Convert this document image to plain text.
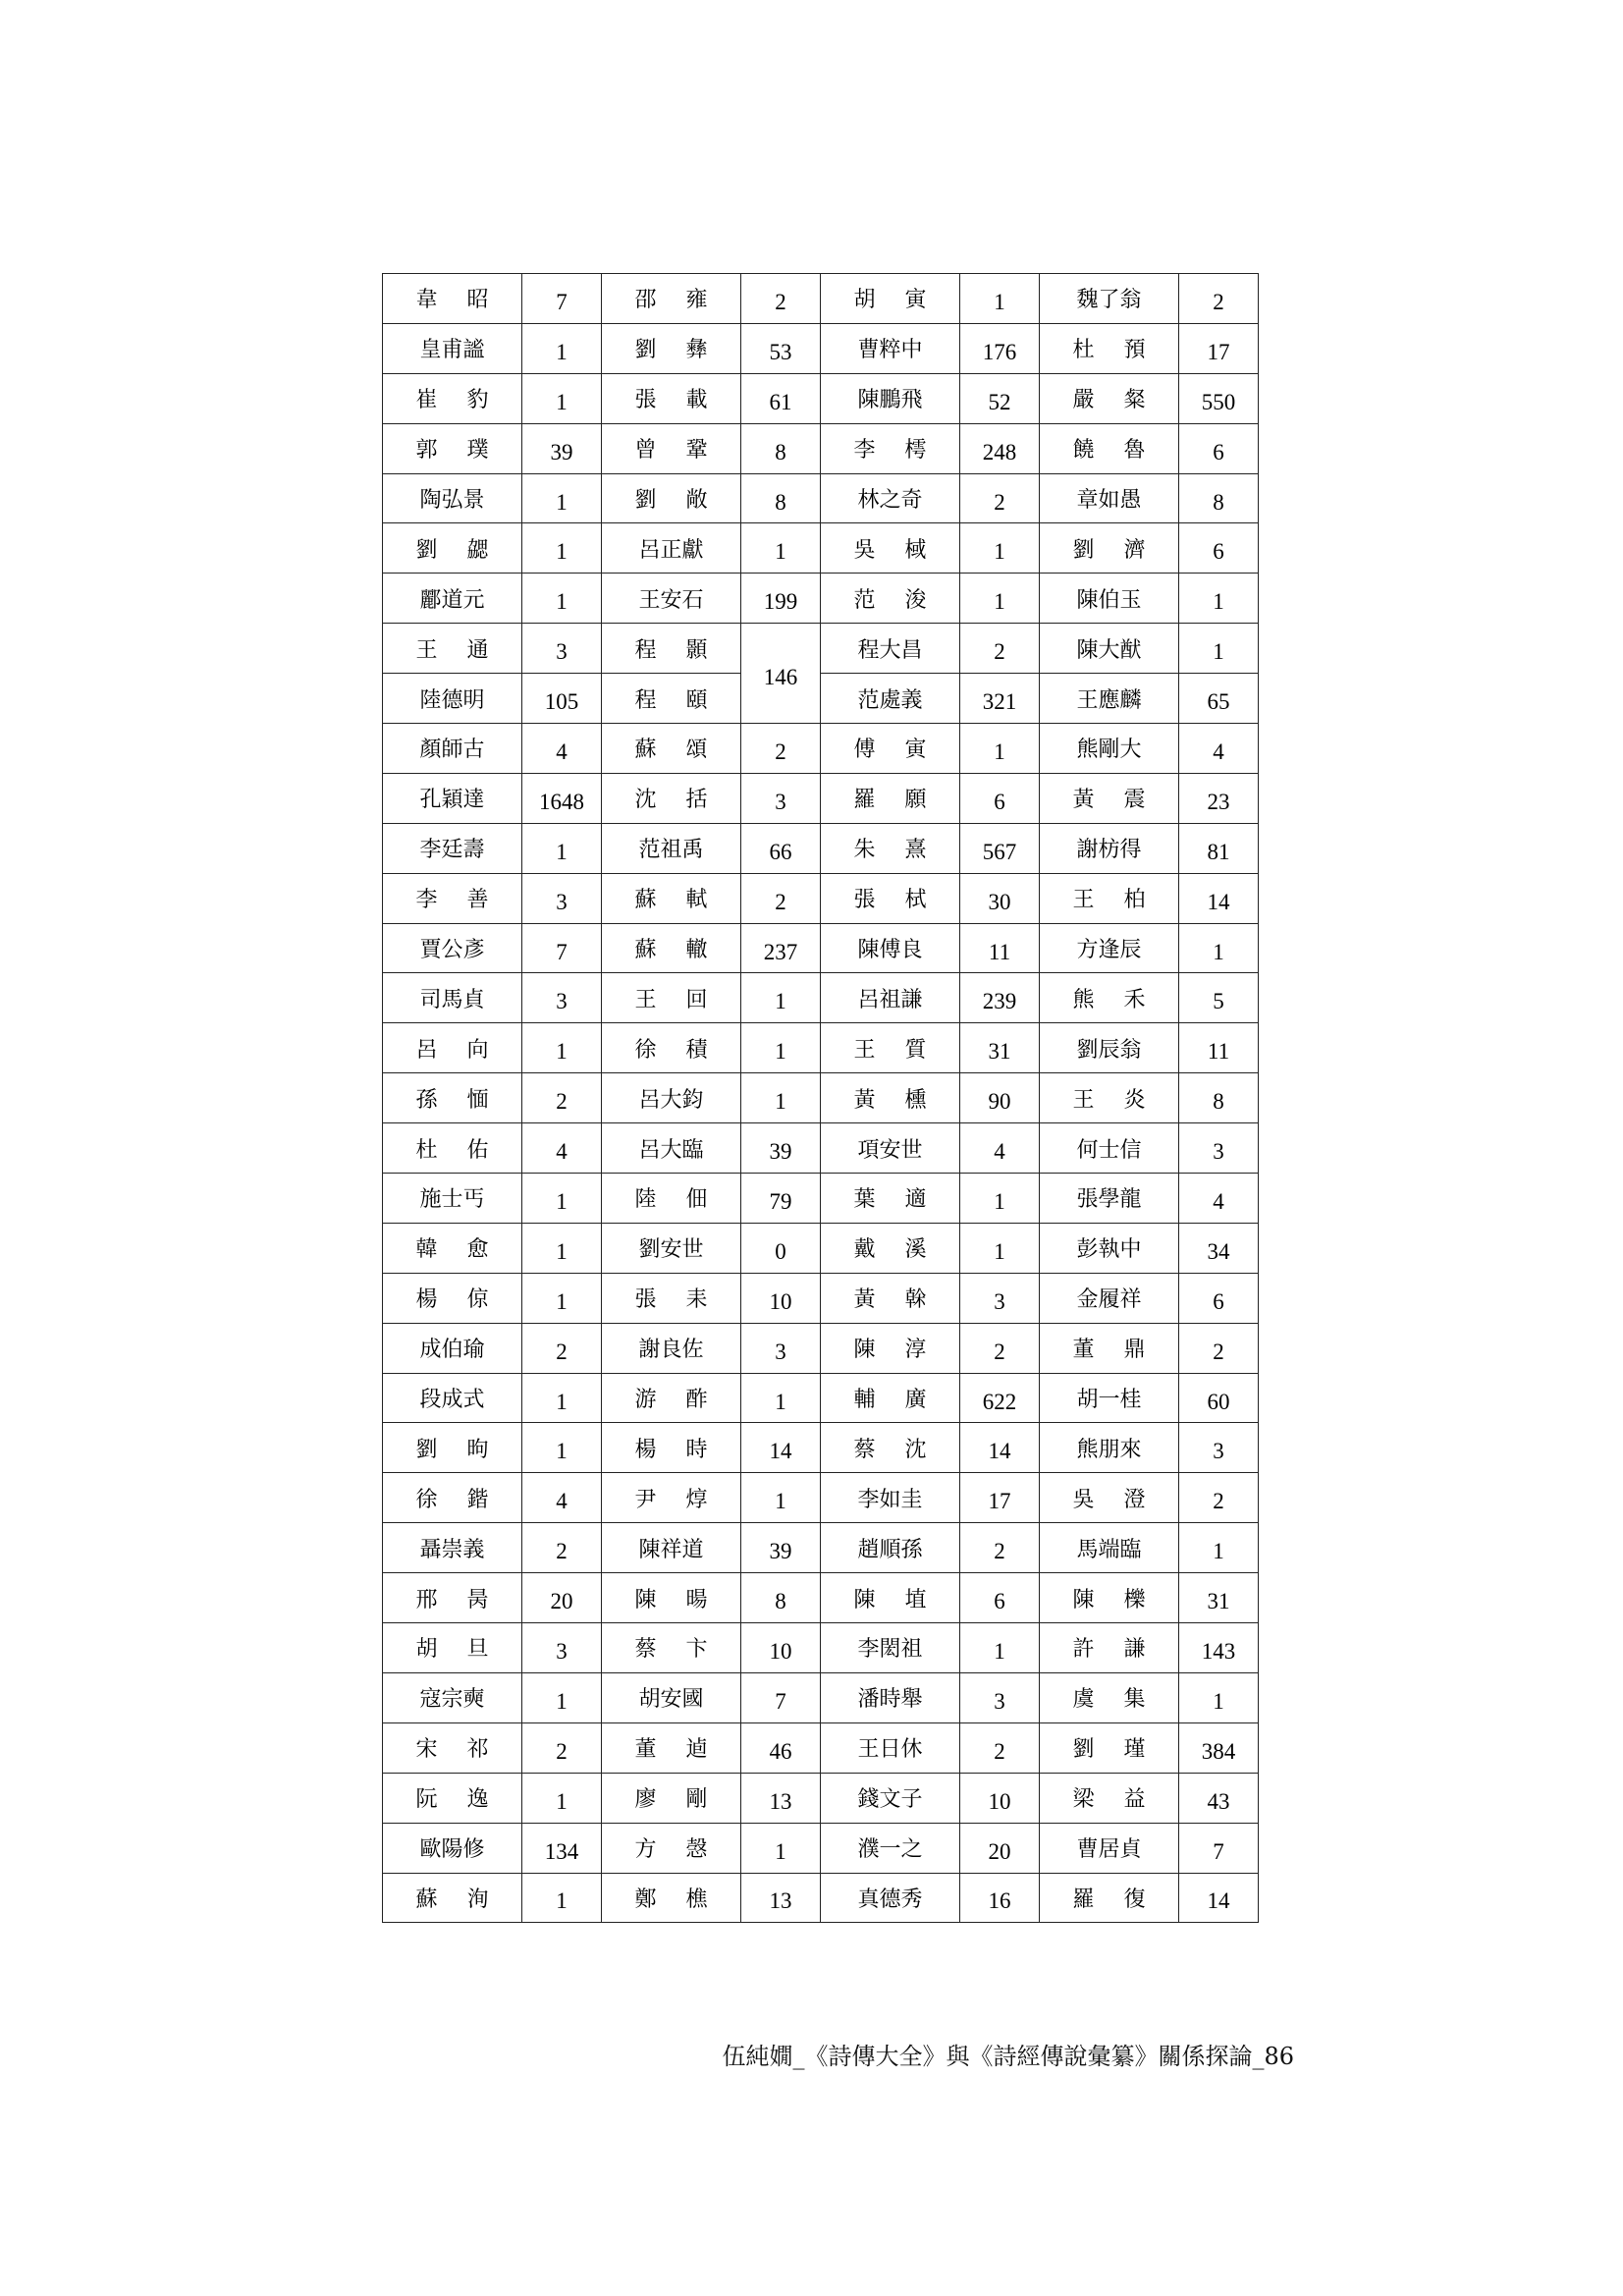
韋昭	7	邵雍	2	胡寅	1	魏了翁	2
皇甫謐	1	劉彝	53	曹粹中	176	杜預	17
崔豹	1	張載	61	陳鵬飛	52	嚴粲	550
郭璞	39	曾鞏	8	李樗	248	饒魯	6
陶弘景	1	劉敞	8	林之奇	2	章如愚	8
劉勰	1	呂正獻	1	吳棫	1	劉濟	6
酈道元	1	王安石	199	范浚	1	陳伯玉	1
王通	3	程顥	146	程大昌	2	陳大猷	1
陸德明	105	程頤		范處義	321	王應麟	65
顏師古	4	蘇頌	2	傅寅	1	熊剛大	4
孔穎達	1648	沈括	3	羅願	6	黃震	23
李廷壽	1	范祖禹	66	朱熹	567	謝枋得	81
李善	3	蘇軾	2	張栻	30	王柏	14
賈公彥	7	蘇轍	237	陳傅良	11	方逢辰	1
司馬貞	3	王回	1	呂祖謙	239	熊禾	5
呂向	1	徐積	1	王質	31	劉辰翁	11
孫愐	2	呂大鈞	1	黃櫄	90	王炎	8
杜佑	4	呂大臨	39	項安世	4	何士信	3
施士丐	1	陸佃	79	葉適	1	張學龍	4
韓愈	1	劉安世	0	戴溪	1	彭執中	34
楊倞	1	張耒	10	黃榦	3	金履祥	6
成伯瑜	2	謝良佐	3	陳淳	2	董鼎	2
段成式	1	游酢	1	輔廣	622	胡一桂	60
劉昫	1	楊時	14	蔡沈	14	熊朋來	3
徐鍇	4	尹焞	1	李如圭	17	吳澄	2
聶崇義	2	陳祥道	39	趙順孫	2	馬端臨	1
邢昺	20	陳暘	8	陳埴	6	陳櫟	31
胡旦	3	蔡卞	10	李閎祖	1	許謙	143
寇宗奭	1	胡安國	7	潘時舉	3	虞集	1
宋祁	2	董逌	46	王日休	2	劉瑾	384
阮逸	1	廖剛	13	錢文子	10	梁益	43
歐陽修	134	方愨	1	濮一之	20	曹居貞	7
蘇洵	1	鄭樵	13	真德秀	16	羅復	14
伍純嫺_《詩傳大全》與《詩經傳說彙纂》關係探論_86
